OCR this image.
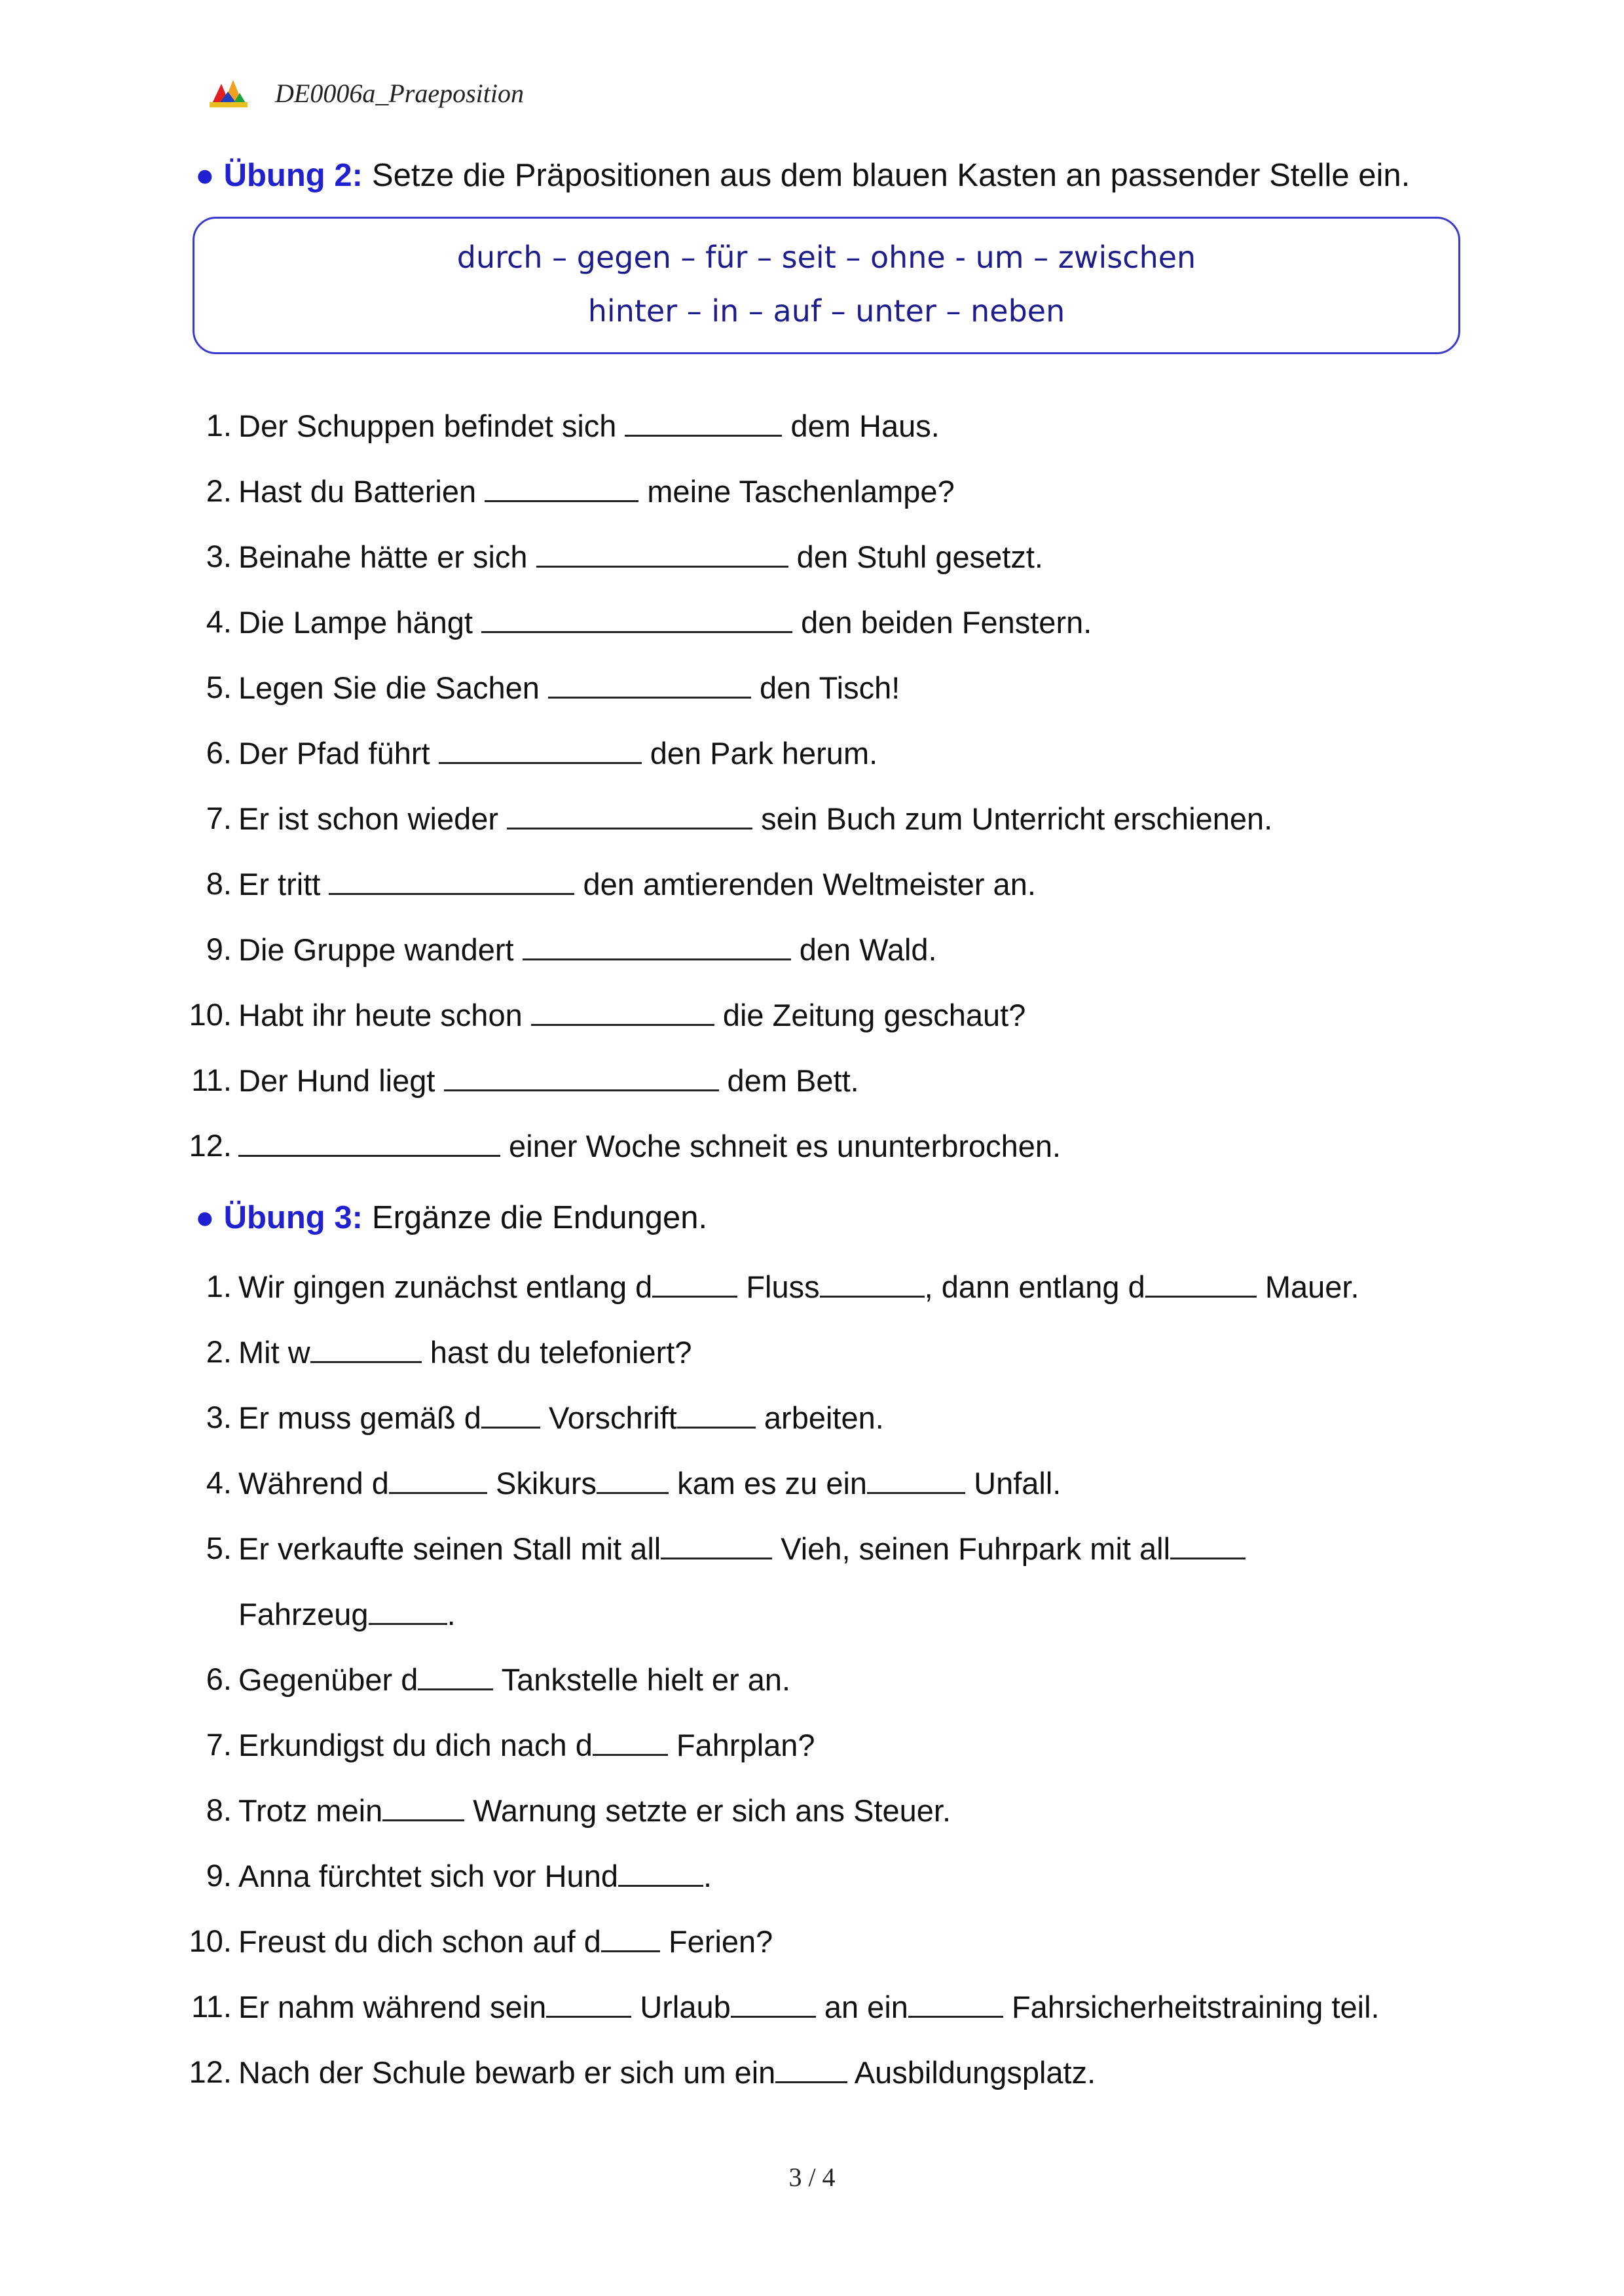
DE0006a_Praeposition
● Übung 2: Setze die Präpositionen aus dem blauen Kasten an passender Stelle ein.
durch – gegen – für – seit – ohne - um – zwischen
hinter – in – auf – unter – neben
1. Der Schuppen befindet sich	dem Haus.
2. Hast du Batterien	meine Taschenlampe?
3. Beinahe hätte er sich	den Stuhl gesetzt.
4. Die Lampe hängt	den beiden Fenstern.
5. Legen Sie die Sachen	den Tisch!
6. Der Pfad führt	den Park herum.
7. Er ist schon wieder	sein Buch zum Unterricht erschienen.
8. Er tritt	den amtierenden Weltmeister an.
9. Die Gruppe wandert	den Wald.
10. Habt ihr heute schon	die Zeitung geschaut?
11. Der Hund liegt	dem Bett.
12.	einer Woche schneit es ununterbrochen.
● Übung 3: Ergänze die Endungen.
1. Wir gingen zunächst entlang d	Fluss	, dann entlang d	Mauer.
2. Mit w	hast du telefoniert?
3. Er muss gemäß d Vorschrift	arbeiten.
4. Während d	Skikurs kam es zu ein	Unfall.
5. Er verkaufte seinen Stall mit all	Vieh, seinen Fuhrpark mit all
Fahrzeug	.
6. Gegenüber d Tankstelle hielt er an.
7. Erkundigst du dich nach d Fahrplan?
8. Trotz mein	Warnung setzte er sich ans Steuer.
9. Anna fürchtet sich vor Hund	.
10. Freust du dich schon auf d Ferien?
11. Er nahm während sein	Urlaub	an ein	Fahrsicherheitstraining teil.
12. Nach der Schule bewarb er sich um ein Ausbildungsplatz.
3 / 4
